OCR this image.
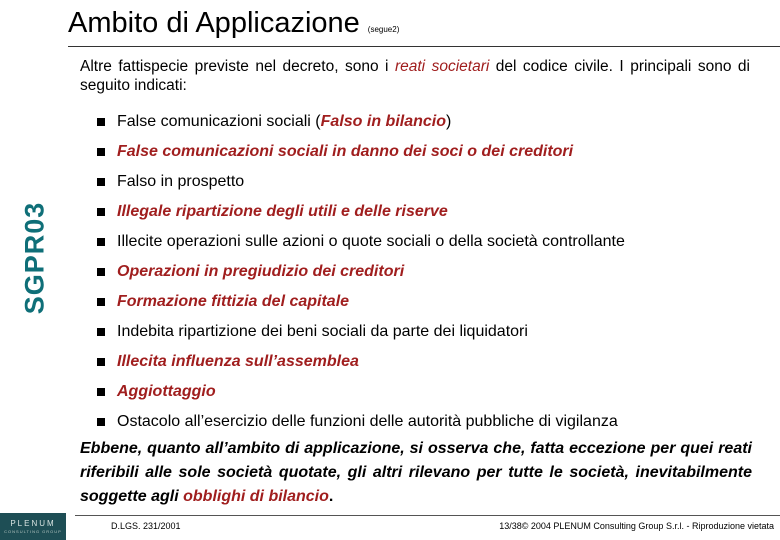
Ambito di Applicazione (segue2)
SGPR03
Altre fattispecie previste nel decreto, sono i reati societari del codice civile. I principali sono di seguito indicati:
False comunicazioni sociali (Falso in bilancio)
False comunicazioni sociali in danno dei soci o dei creditori
Falso in prospetto
Illegale ripartizione degli utili e delle riserve
Illecite operazioni sulle azioni o quote sociali o della società controllante
Operazioni in pregiudizio dei creditori
Formazione fittizia del capitale
Indebita ripartizione dei beni sociali da parte dei liquidatori
Illecita influenza sull’assemblea
Aggiottaggio
Ostacolo all’esercizio delle funzioni delle autorità pubbliche di vigilanza
Ebbene, quanto all’ambito di applicazione, si osserva che, fatta eccezione per quei reati riferibili alle sole società quotate, gli altri rilevano per tutte le società, inevitabilmente soggette agli obblighi di bilancio.
PLENUM
CONSULTING GROUP	D.LGS. 231/2001	13/38© 2004 PLENUM Consulting Group S.r.l. - Riproduzione vietata
